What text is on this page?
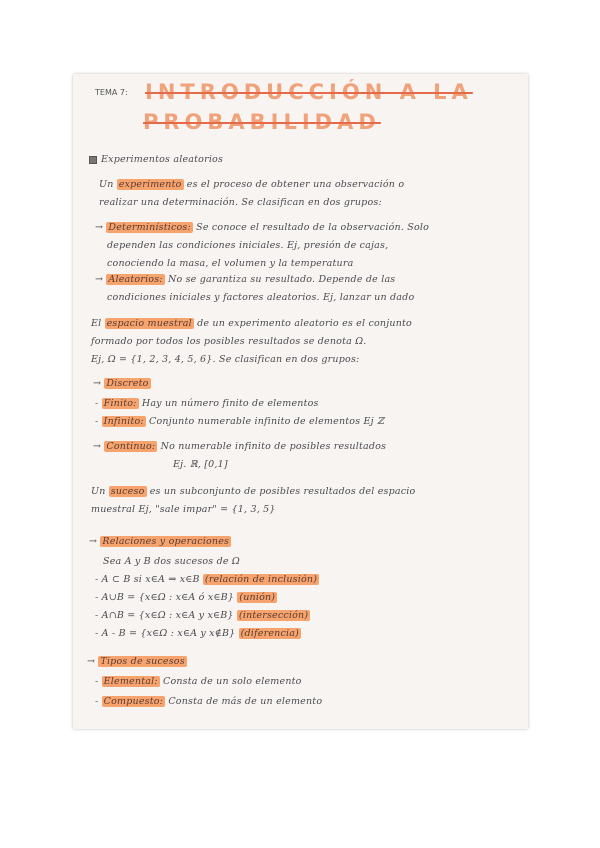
TEMA 7: INTRODUCCIÓN A LA
PROBABILIDAD
Experimentos aleatorios
Un experimento es el proceso de obtener una observación o
realizar una determinación. Se clasifican en dos grupos:
→ Determinísticos: Se conoce el resultado de la observación. Solo
dependen las condiciones iniciales. Ej, presión de cajas,
conociendo la masa, el volumen y la temperatura
→ Aleatorios: No se garantiza su resultado. Depende de las
condiciones iniciales y factores aleatorios. Ej, lanzar un dado
El espacio muestral de un experimento aleatorio es el conjunto
formado por todos los posibles resultados se denota Ω.
Ej, Ω = {1, 2, 3, 4, 5, 6}. Se clasifican en dos grupos:
→ Discreto
- Finito: Hay un número finito de elementos
- Infinito: Conjunto numerable infinito de elementos Ej ℤ
→ Continuo: No numerable infinito de posibles resultados
Ej. ℝ, [0,1]
Un suceso es un subconjunto de posibles resultados del espacio
muestral Ej, "sale impar" = {1, 3, 5}
→ Relaciones y operaciones
Sea A y B dos sucesos de Ω
- A ⊂ B si x∈A ⇒ x∈B (relación de inclusión)
- A∪B = {x∈Ω : x∈A ó x∈B} (unión)
- A∩B = {x∈Ω : x∈A y x∈B} (intersección)
- A - B = {x∈Ω : x∈A y x∉B} (diferencia)
→ Tipos de sucesos
- Elemental: Consta de un solo elemento
- Compuesto: Consta de más de un elemento
